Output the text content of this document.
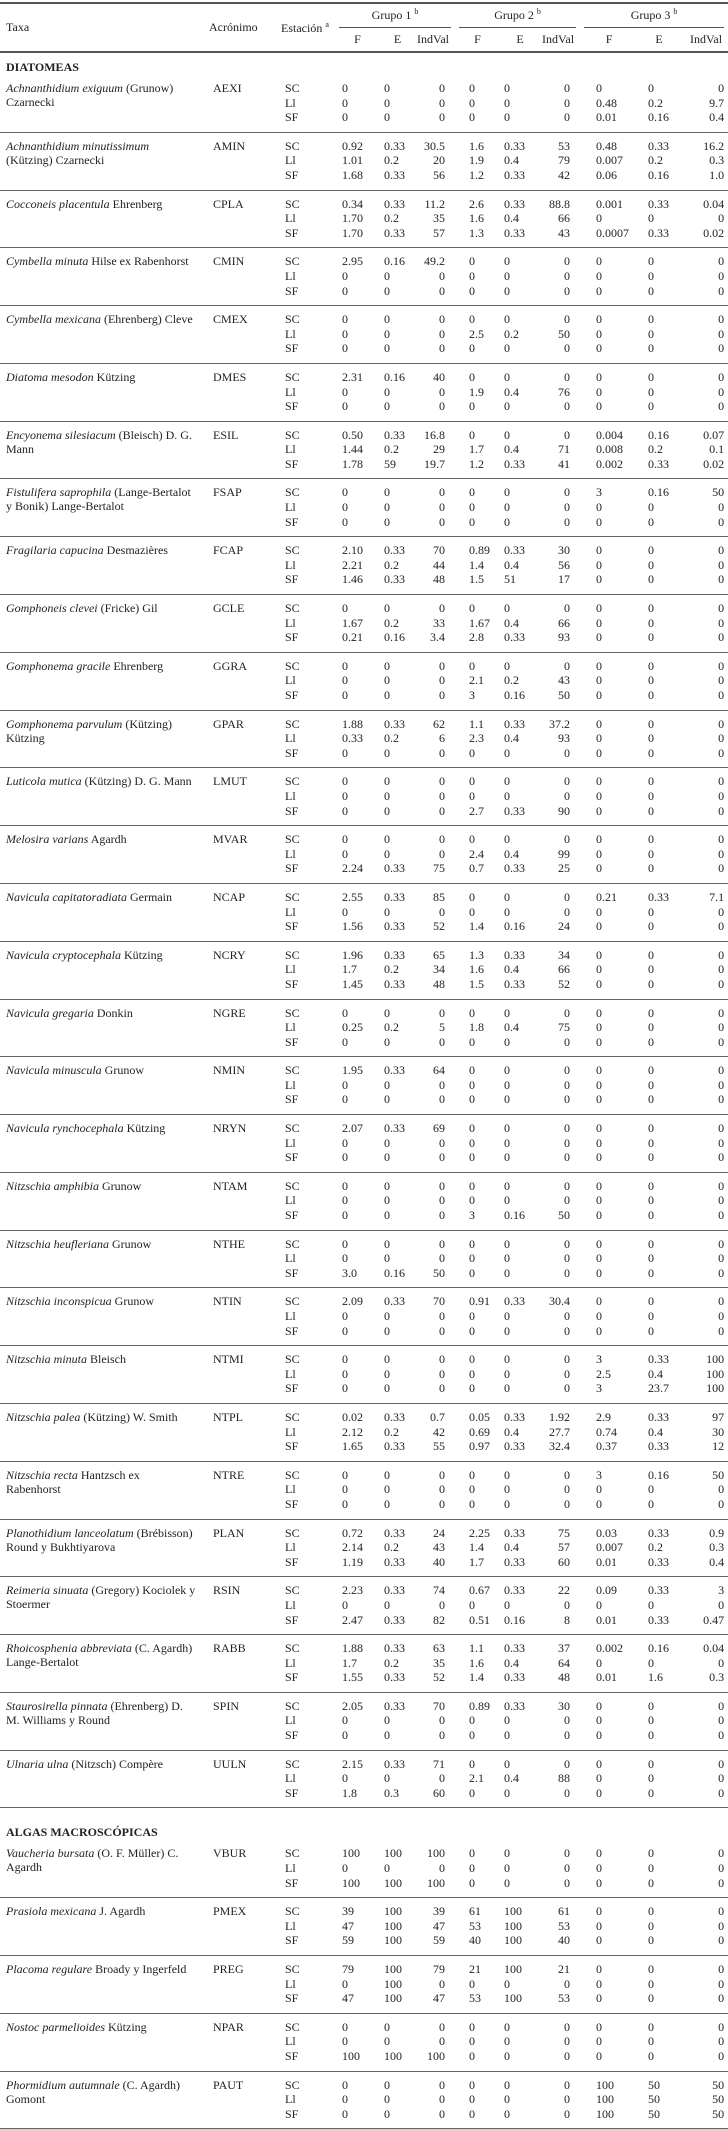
Taxa	Acrónimo	Estación $^a$	Grupo 1 $^b$			Grupo 2 $^b$			Grupo 3 $^b$

			F	E	IndVal	F	E	IndVal	F	E	IndVal
DIATOMEAS											
Achnanthidium exiguum (Grunow) Czarnecki	AEXI	SC	0	0	0	0	0	0	0	0	0
		Ll	0	0	0	0	0	0	0.48	0.2	9.7
		SF	0	0	0	0	0	0	0.01	0.16	0.4
Achnanthidium minutissimum (Kützing) Czarnecki	AMIN	SC	0.92	0.33	30.5	1.6	0.33	53	0.48	0.33	16.2
		Ll	1.01	0.2	20	1.9	0.4	79	0.007	0.2	0.3
		SF	1.68	0.33	56	1.2	0.33	42	0.06	0.16	1.0
Cocconeis placentula Ehrenberg	CPLA	SC	0.34	0.33	11.2	2.6	0.33	88.8	0.001	0.33	0.04
		Ll	1.70	0.2	35	1.6	0.4	66	0	0	0
		SF	1.70	0.33	57	1.3	0.33	43	0.0007	0.33	0.02
Cymbella minuta Hilse ex Rabenhorst	CMIN	SC	2.95	0.16	49.2	0	0	0	0	0	0
		Ll	0	0	0	0	0	0	0	0	0
		SF	0	0	0	0	0	0	0	0	0
Cymbella mexicana (Ehrenberg) Cleve	CMEX	SC	0	0	0	0	0	0	0	0	0
		Ll	0	0	0	2.5	0.2	50	0	0	0
		SF	0	0	0	0	0	0	0	0	0
Diatoma mesodon Kützing	DMES	SC	2.31	0.16	40	0	0	0	0	0	0
		Ll	0	0	0	1.9	0.4	76	0	0	0
		SF	0	0	0	0	0	0	0	0	0
Encyonema silesiacum (Bleisch) D. G. Mann	ESIL	SC	0.50	0.33	16.8	0	0	0	0.004	0.16	0.07
		Ll	1.44	0.2	29	1.7	0.4	71	0.008	0.2	0.1
		SF	1.78	59	19.7	1.2	0.33	41	0.002	0.33	0.02
Fistulifera saprophila (Lange-Bertalot y Bonik) Lange-Bertalot	FSAP	SC	0	0	0	0	0	0	3	0.16	50
		Ll	0	0	0	0	0	0	0	0	0
		SF	0	0	0	0	0	0	0	0	0
Fragilaria capucina Desmazières	FCAP	SC	2.10	0.33	70	0.89	0.33	30	0	0	0
		Ll	2.21	0.2	44	1.4	0.4	56	0	0	0
		SF	1.46	0.33	48	1.5	51	17	0	0	0
Gomphoneis clevei (Fricke) Gil	GCLE	SC	0	0	0	0	0	0	0	0	0
		Ll	1.67	0.2	33	1.67	0.4	66	0	0	0
		SF	0.21	0.16	3.4	2.8	0.33	93	0	0	0
Gomphonema gracile Ehrenberg	GGRA	SC	0	0	0	0	0	0	0	0	0
		Ll	0	0	0	2.1	0.2	43	0	0	0
		SF	0	0	0	3	0.16	50	0	0	0
Gomphonema parvulum (Kützing) Kützing	GPAR	SC	1.88	0.33	62	1.1	0.33	37.2	0	0	0
		Ll	0.33	0.2	6	2.3	0.4	93	0	0	0
		SF	0	0	0	0	0	0	0	0	0
Luticola mutica (Kützing) D. G. Mann	LMUT	SC	0	0	0	0	0	0	0	0	0
		Ll	0	0	0	0	0	0	0	0	0
		SF	0	0	0	2.7	0.33	90	0	0	0
Melosira varians Agardh	MVAR	SC	0	0	0	0	0	0	0	0	0
		Ll	0	0	0	2.4	0.4	99	0	0	0
		SF	2.24	0.33	75	0.7	0.33	25	0	0	0
Navicula capitatoradiata Germain	NCAP	SC	2.55	0.33	85	0	0	0	0.21	0.33	7.1
		Ll	0	0	0	0	0	0	0	0	0
		SF	1.56	0.33	52	1.4	0.16	24	0	0	0
Navicula cryptocephala Kützing	NCRY	SC	1.96	0.33	65	1.3	0.33	34	0	0	0
		Ll	1.7	0.2	34	1.6	0.4	66	0	0	0
		SF	1.45	0.33	48	1.5	0.33	52	0	0	0
Navicula gregaria Donkin	NGRE	SC	0	0	0	0	0	0	0	0	0
		Ll	0.25	0.2	5	1.8	0.4	75	0	0	0
		SF	0	0	0	0	0	0	0	0	0
Navicula minuscula Grunow	NMIN	SC	1.95	0.33	64	0	0	0	0	0	0
		Ll	0	0	0	0	0	0	0	0	0
		SF	0	0	0	0	0	0	0	0	0
Navicula rynchocephala Kützing	NRYN	SC	2.07	0.33	69	0	0	0	0	0	0
		Ll	0	0	0	0	0	0	0	0	0
		SF	0	0	0	0	0	0	0	0	0
Nitzschia amphibia Grunow	NTAM	SC	0	0	0	0	0	0	0	0	0
		Ll	0	0	0	0	0	0	0	0	0
		SF	0	0	0	3	0.16	50	0	0	0
Nitzschia heufleriana Grunow	NTHE	SC	0	0	0	0	0	0	0	0	0
		Ll	0	0	0	0	0	0	0	0	0
		SF	3.0	0.16	50	0	0	0	0	0	0
Nitzschia inconspicua Grunow	NTIN	SC	2.09	0.33	70	0.91	0.33	30.4	0	0	0
		Ll	0	0	0	0	0	0	0	0	0
		SF	0	0	0	0	0	0	0	0	0
Nitzschia minuta Bleisch	NTMI	SC	0	0	0	0	0	0	3	0.33	100
		Ll	0	0	0	0	0	0	2.5	0.4	100
		SF	0	0	0	0	0	0	3	23.7	100
Nitzschia palea (Kützing) W. Smith	NTPL	SC	0.02	0.33	0.7	0.05	0.33	1.92	2.9	0.33	97
		Ll	2.12	0.2	42	0.69	0.4	27.7	0.74	0.4	30
		SF	1.65	0.33	55	0.97	0.33	32.4	0.37	0.33	12
Nitzschia recta Hantzsch ex Rabenhorst	NTRE	SC	0	0	0	0	0	0	3	0.16	50
		Ll	0	0	0	0	0	0	0	0	0
		SF	0	0	0	0	0	0	0	0	0
Planothidium lanceolatum (Brébisson) Round y Bukhtiyarova	PLAN	SC	0.72	0.33	24	2.25	0.33	75	0.03	0.33	0.9
		Ll	2.14	0.2	43	1.4	0.4	57	0.007	0.2	0.3
		SF	1.19	0.33	40	1.7	0.33	60	0.01	0.33	0.4
Reimeria sinuata (Gregory) Kociolek y Stoermer	RSIN	SC	2.23	0.33	74	0.67	0.33	22	0.09	0.33	3
		Ll	0	0	0	0	0	0	0	0	0
		SF	2.47	0.33	82	0.51	0.16	8	0.01	0.33	0.47
Rhoicosphenia abbreviata (C. Agardh) Lange-Bertalot	RABB	SC	1.88	0.33	63	1.1	0.33	37	0.002	0.16	0.04
		Ll	1.7	0.2	35	1.6	0.4	64	0	0	0
		SF	1.55	0.33	52	1.4	0.33	48	0.01	1.6	0.3
Staurosirella pinnata (Ehrenberg) D. M. Williams y Round	SPIN	SC	2.05	0.33	70	0.89	0.33	30	0	0	0
		Ll	0	0	0	0	0	0	0	0	0
		SF	0	0	0	0	0	0	0	0	0
Ulnaria ulna (Nitzsch) Compère	UULN	SC	2.15	0.33	71	0	0	0	0	0	0
		Ll	0	0	0	2.1	0.4	88	0	0	0
		SF	1.8	0.3	60	0	0	0	0	0	0
ALGAS MACROSCÓPICAS											
Vaucheria bursata (O. F. Müller) C. Agardh	VBUR	SC	100	100	100	0	0	0	0	0	0
		Ll	0	0	0	0	0	0	0	0	0
		SF	100	100	100	0	0	0	0	0	0
Prasiola mexicana J. Agardh	PMEX	SC	39	100	39	61	100	61	0	0	0
		Ll	47	100	47	53	100	53	0	0	0
		SF	59	100	59	40	100	40	0	0	0
Placoma regulare Broady y Ingerfeld	PREG	SC	79	100	79	21	100	21	0	0	0
		Ll	0	100	0	0	0	0	0	0	0
		SF	47	100	47	53	100	53	0	0	0
Nostoc parmelioides Kützing	NPAR	SC	0	0	0	0	0	0	0	0	0
		Ll	0	0	0	0	0	0	0	0	0
		SF	100	100	100	0	0	0	0	0	0
Phormidium autumnale (C. Agardh) Gomont	PAUT	SC	0	0	0	0	0	0	100	50	50
		Ll	0	0	0	0	0	0	100	50	50
		SF	0	0	0	0	0	0	100	50	50
